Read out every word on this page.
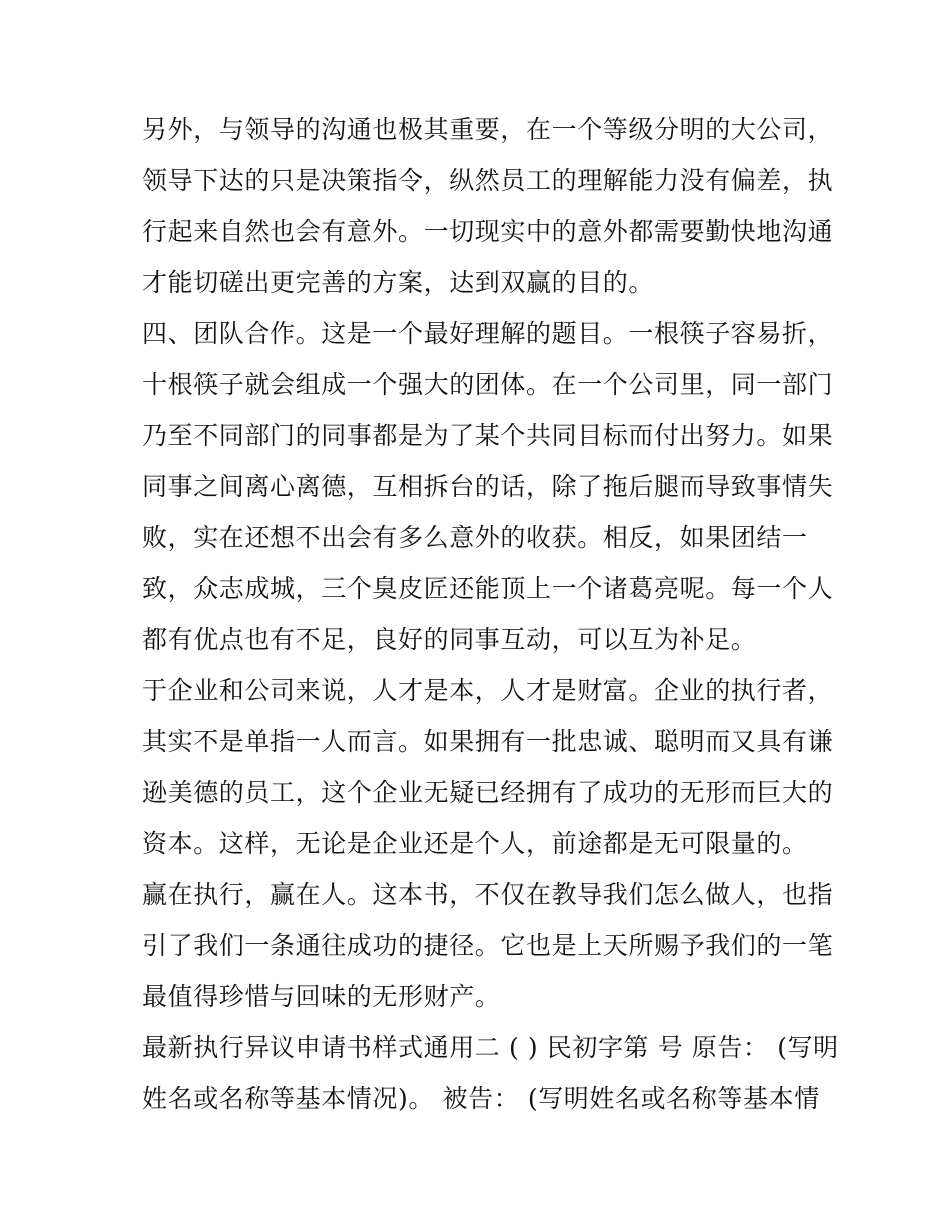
另外，与领导的沟通也极其重要，在一个等级分明的大公司，
领导下达的只是决策指令，纵然员工的理解能力没有偏差，执
行起来自然也会有意外。一切现实中的意外都需要勤快地沟通
才能切磋出更完善的方案，达到双赢的目的。
四、团队合作。这是一个最好理解的题目。一根筷子容易折，
十根筷子就会组成一个强大的团体。在一个公司里，同一部门
乃至不同部门的同事都是为了某个共同目标而付出努力。如果
同事之间离心离德，互相拆台的话，除了拖后腿而导致事情失
败，实在还想不出会有多么意外的收获。相反，如果团结一
致，众志成城，三个臭皮匠还能顶上一个诸葛亮呢。每一个人
都有优点也有不足，良好的同事互动，可以互为补足。
于企业和公司来说，人才是本，人才是财富。企业的执行者，
其实不是单指一人而言。如果拥有一批忠诚、聪明而又具有谦
逊美德的员工，这个企业无疑已经拥有了成功的无形而巨大的
资本。这样，无论是企业还是个人，前途都是无可限量的。
赢在执行，赢在人。这本书，不仅在教导我们怎么做人，也指
引了我们一条通往成功的捷径。它也是上天所赐予我们的一笔
最值得珍惜与回味的无形财产。
最新执行异议申请书样式通用二 ( ) 民初字第 号 原告： (写明
姓名或名称等基本情况)。 被告： (写明姓名或名称等基本情
